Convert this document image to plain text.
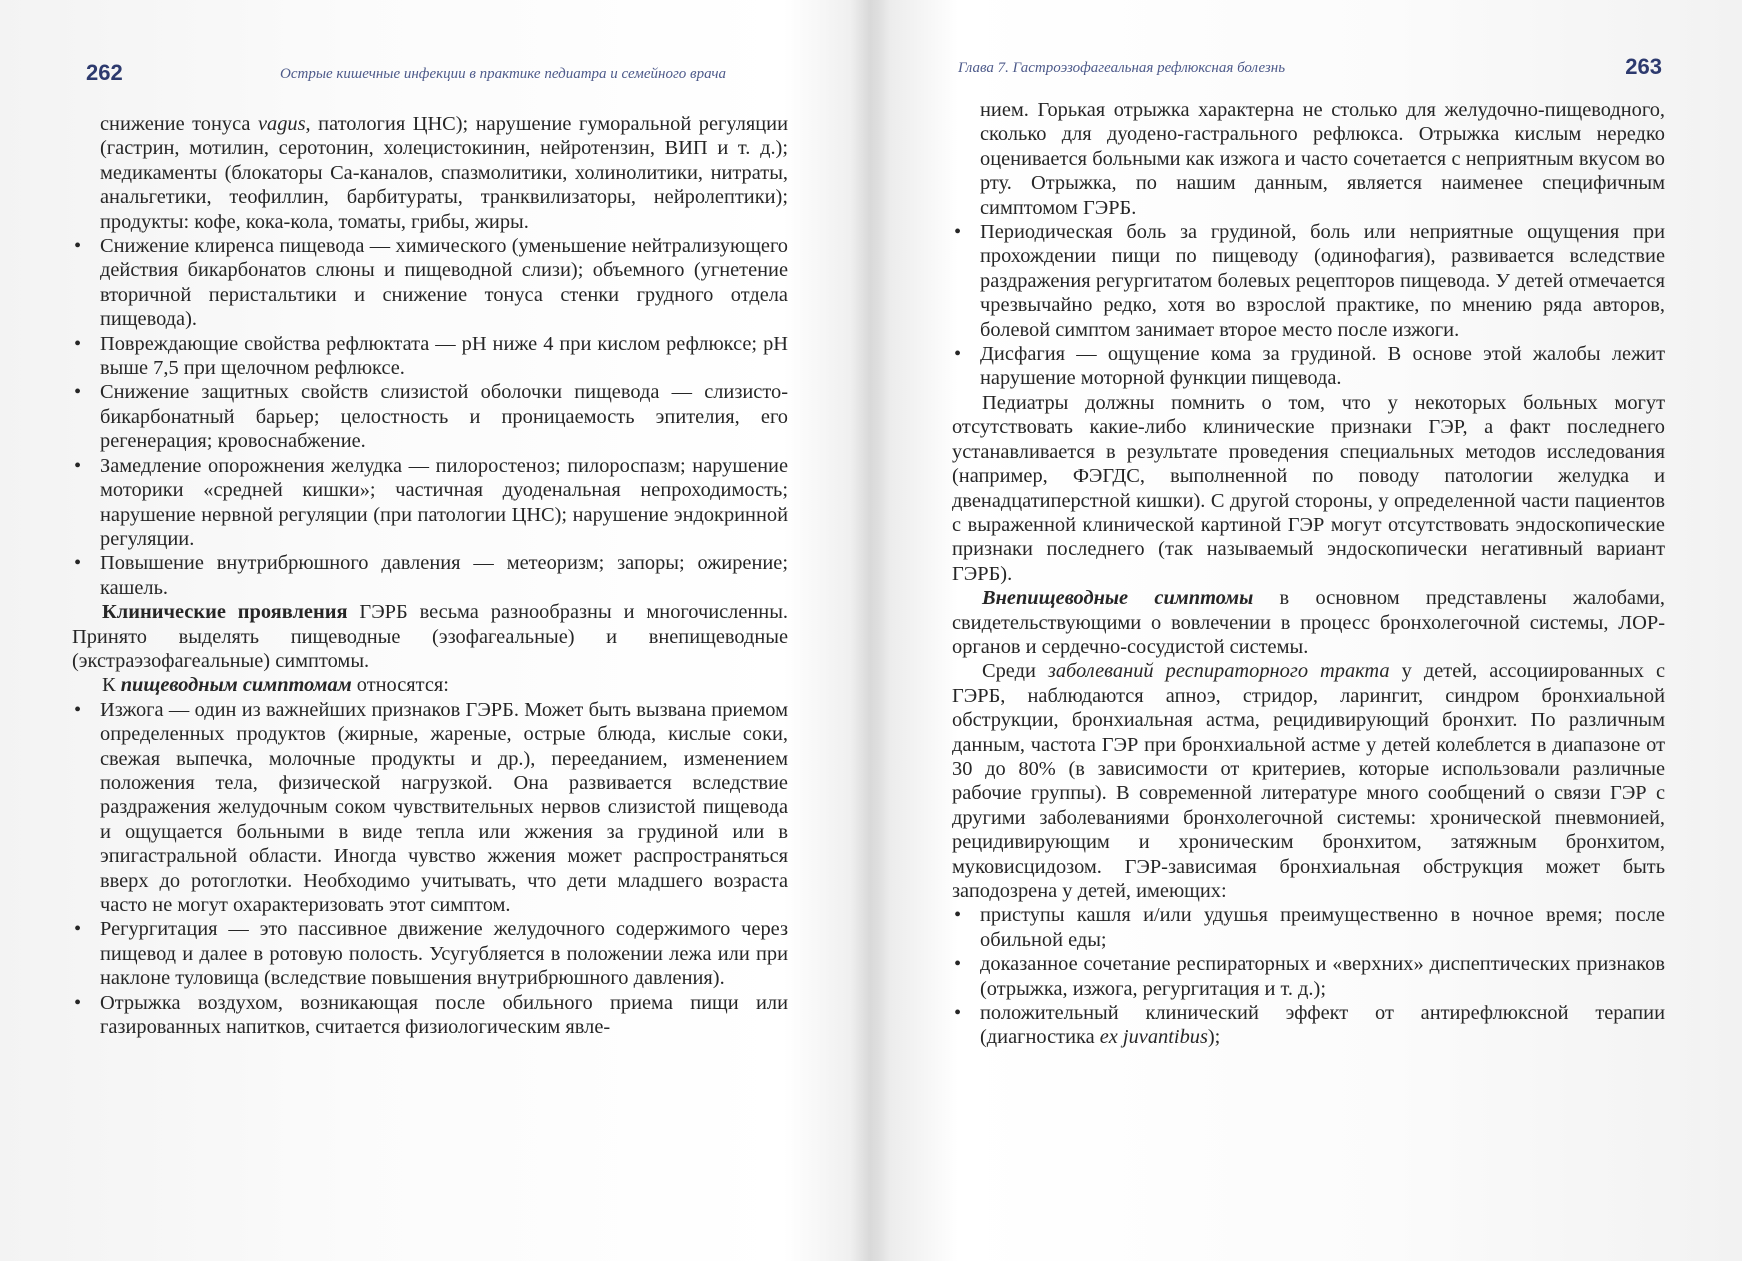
262	Острые кишечные инфекции в практике педиатра и семейного врача

снижение тонуса vagus, патология ЦНС); нарушение гуморальной регуляции (гастрин, мотилин, серотонин, холецистокинин, нейротензин, ВИП и т. д.); медикаменты (блокаторы Са-каналов, спазмолитики, холинолитики, нитраты, анальгетики, теофиллин, барбитураты, транквилизаторы, нейролептики); продукты: кофе, кока-кола, томаты, грибы, жиры.

• Снижение клиренса пищевода — химического (уменьшение нейтрализующего действия бикарбонатов слюны и пищеводной слизи); объемного (угнетение вторичной перистальтики и снижение тонуса стенки грудного отдела пищевода).
• Повреждающие свойства рефлюктата — pH ниже 4 при кислом рефлюксе; pH выше 7,5 при щелочном рефлюксе.
• Снижение защитных свойств слизистой оболочки пищевода — слизисто-бикарбонатный барьер; целостность и проницаемость эпителия, его регенерация; кровоснабжение.
• Замедление опорожнения желудка — пилоростеноз; пилороспазм; нарушение моторики «средней кишки»; частичная дуоденальная непроходимость; нарушение нервной регуляции (при патологии ЦНС); нарушение эндокринной регуляции.
• Повышение внутрибрюшного давления — метеоризм; запоры; ожирение; кашель.

Клинические проявления ГЭРБ весьма разнообразны и многочисленны. Принято выделять пищеводные (эзофагеальные) и внепищеводные (экстраэзофагеальные) симптомы.

К пищеводным симптомам относятся:

• Изжога — один из важнейших признаков ГЭРБ. Может быть вызвана приемом определенных продуктов (жирные, жареные, острые блюда, кислые соки, свежая выпечка, молочные продукты и др.), перееданием, изменением положения тела, физической нагрузкой. Она развивается вследствие раздражения желудочным соком чувствительных нервов слизистой пищевода и ощущается больными в виде тепла или жжения за грудиной или в эпигастральной области. Иногда чувство жжения может распространяться вверх до ротоглотки. Необходимо учитывать, что дети младшего возраста часто не могут охарактеризовать этот симптом.
• Регургитация — это пассивное движение желудочного содержимого через пищевод и далее в ротовую полость. Усугубляется в положении лежа или при наклоне туловища (вследствие повышения внутрибрюшного давления).
• Отрыжка воздухом, возникающая после обильного приема пищи или газированных напитков, считается физиологическим явле-
Глава 7. Гастроэзофагеальная рефлюксная болезнь	263

нием. Горькая отрыжка характерна не столько для желудочно-пищеводного, сколько для дуодено-гастрального рефлюкса. Отрыжка кислым нередко оценивается больными как изжога и часто сочетается с неприятным вкусом во рту. Отрыжка, по нашим данным, является наименее специфичным симптомом ГЭРБ.

• Периодическая боль за грудиной, боль или неприятные ощущения при прохождении пищи по пищеводу (одинофагия), развивается вследствие раздражения регургитатом болевых рецепторов пищевода. У детей отмечается чрезвычайно редко, хотя во взрослой практике, по мнению ряда авторов, болевой симптом занимает второе место после изжоги.
• Дисфагия — ощущение кома за грудиной. В основе этой жалобы лежит нарушение моторной функции пищевода.

Педиатры должны помнить о том, что у некоторых больных могут отсутствовать какие-либо клинические признаки ГЭР, а факт последнего устанавливается в результате проведения специальных методов исследования (например, ФЭГДС, выполненной по поводу патологии желудка и двенадцатиперстной кишки). С другой стороны, у определенной части пациентов с выраженной клинической картиной ГЭР могут отсутствовать эндоскопические признаки последнего (так называемый эндоскопически негативный вариант ГЭРБ).

Внепищеводные симптомы в основном представлены жалобами, свидетельствующими о вовлечении в процесс бронхолегочной системы, ЛОР-органов и сердечно-сосудистой системы.

Среди заболеваний респираторного тракта у детей, ассоциированных с ГЭРБ, наблюдаются апноэ, стридор, ларингит, синдром бронхиальной обструкции, бронхиальная астма, рецидивирующий бронхит. По различным данным, частота ГЭР при бронхиальной астме у детей колеблется в диапазоне от 30 до 80% (в зависимости от критериев, которые использовали различные рабочие группы). В современной литературе много сообщений о связи ГЭР с другими заболеваниями бронхолегочной системы: хронической пневмонией, рецидивирующим и хроническим бронхитом, затяжным бронхитом, муковисцидозом. ГЭР-зависимая бронхиальная обструкция может быть заподозрена у детей, имеющих:

• приступы кашля и/или удушья преимущественно в ночное время; после обильной еды;
• доказанное сочетание респираторных и «верхних» диспептических признаков (отрыжка, изжога, регургитация и т. д.);
• положительный клинический эффект от антирефлюксной терапии (диагностика ex juvantibus);
